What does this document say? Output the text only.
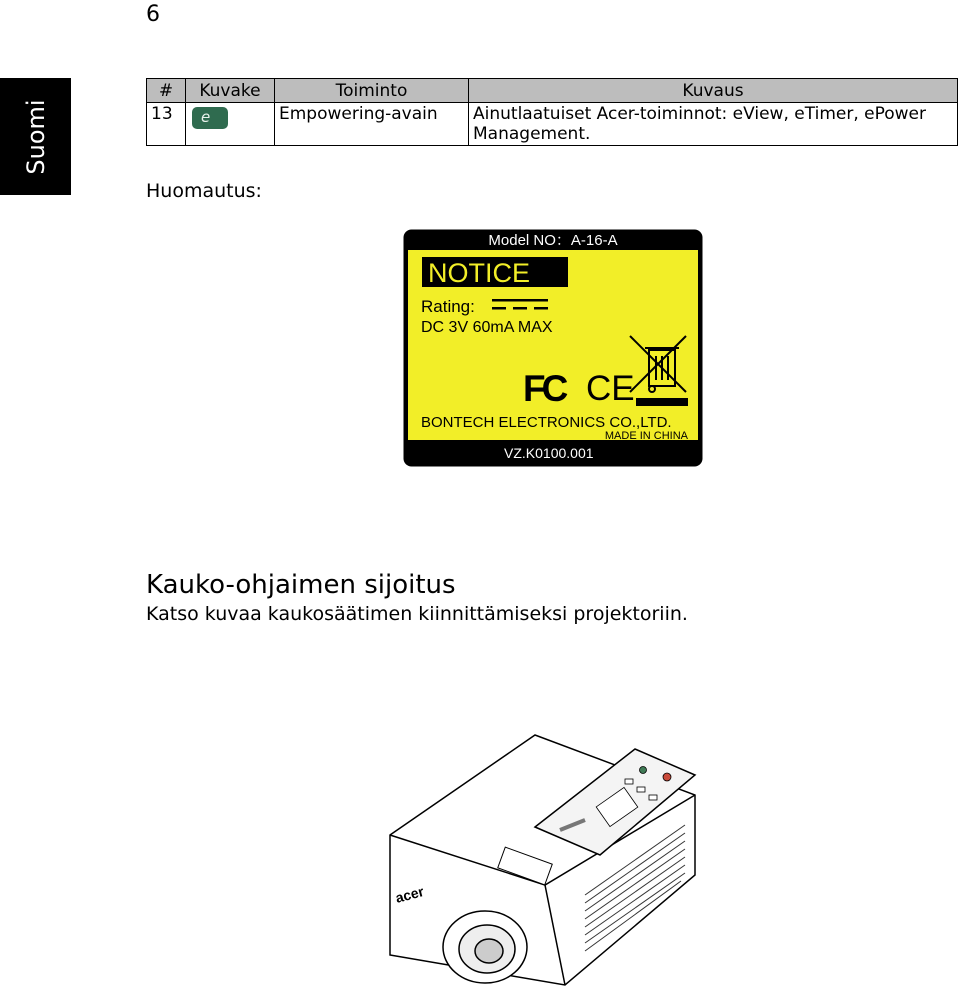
6
Suomi
#	Kuvake	Toiminto	Kuvaus
13	e	Empowering-avain	Ainutlaatuiset Acer-toiminnot: eView, eTimer, ePower Management.
Huomautus:
Model NO：A-16-A
NOTICE
Rating:
DC 3V 60mA MAX
FC CE
BONTECH ELECTRONICS CO.,LTD.
MADE IN CHINA
VZ.K0100.001
Kauko-ohjaimen sijoitus
Katso kuvaa kaukosäätimen kiinnittämiseksi projektoriin.
acer
